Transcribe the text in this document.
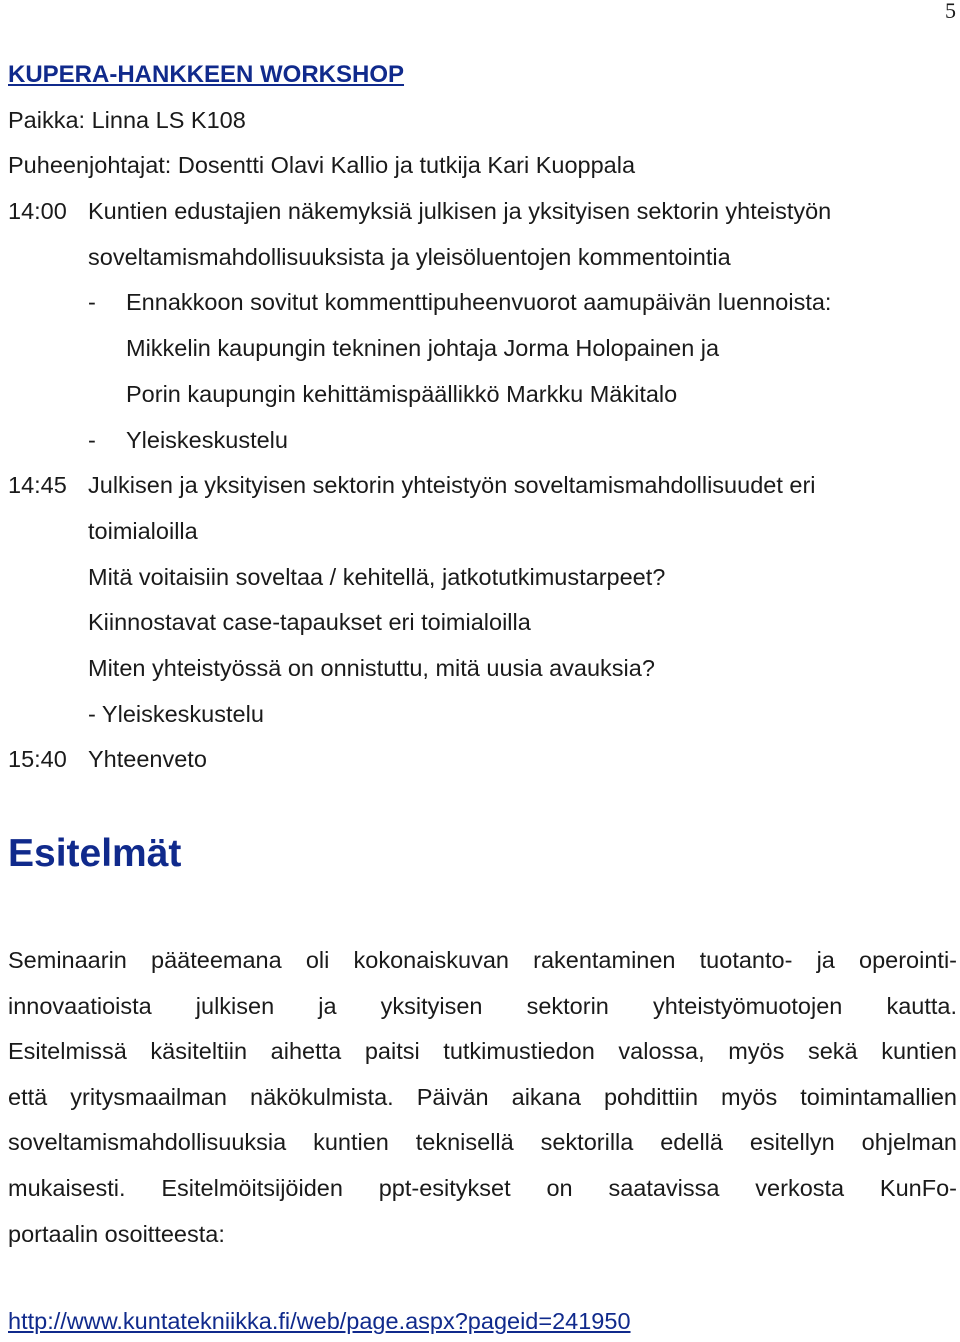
5
KUPERA-HANKKEEN WORKSHOP
Paikka: Linna LS K108
Puheenjohtajat: Dosentti Olavi Kallio ja tutkija Kari Kuoppala
14:00 Kuntien edustajien näkemyksiä julkisen ja yksityisen sektorin yhteistyön
soveltamismahdollisuuksista ja yleisöluentojen kommentointia
- Ennakkoon sovitut kommenttipuheenvuorot aamupäivän luennoista:
Mikkelin kaupungin tekninen johtaja Jorma Holopainen ja
Porin kaupungin kehittämispäällikkö Markku Mäkitalo
- Yleiskeskustelu
14:45 Julkisen ja yksityisen sektorin yhteistyön soveltamismahdollisuudet eri
toimialoilla
Mitä voitaisiin soveltaa / kehitellä, jatkotutkimustarpeet?
Kiinnostavat case-tapaukset eri toimialoilla
Miten yhteistyössä on onnistuttu, mitä uusia avauksia?
- Yleiskeskustelu
15:40 Yhteenveto
Esitelmät
Seminaarin pääteemana oli kokonaiskuvan rakentaminen tuotanto- ja operointi-
innovaatioista julkisen ja yksityisen sektorin yhteistyömuotojen kautta.
Esitelmissä käsiteltiin aihetta paitsi tutkimustiedon valossa, myös sekä kuntien
että yritysmaailman näkökulmista. Päivän aikana pohdittiin myös toimintamallien
soveltamismahdollisuuksia kuntien teknisellä sektorilla edellä esitellyn ohjelman
mukaisesti. Esitelmöitsijöiden ppt-esitykset on saatavissa verkosta KunFo-
portaalin osoitteesta:
http://www.kuntatekniikka.fi/web/page.aspx?pageid=241950
